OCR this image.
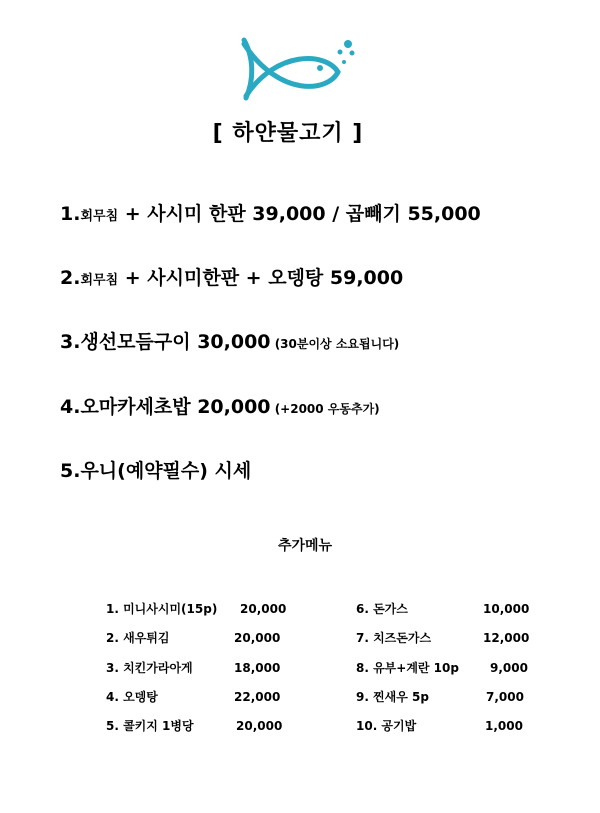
[ 하얀물고기 ]
1.회무침 + 사시미 한판 39,000 / 곱빼기 55,000
2.회무침 + 사시미한판 + 오뎅탕 59,000
3.생선모듬구이 30,000 (30분이상 소요됩니다)
4.오마카세초밥 20,000 (+2000 우동추가)
5.우니(예약필수) 시세
추가메뉴
1. 미니사시미(15p) 20,000
2. 새우튀김	20,000
3. 치킨가라아게	18,000
4. 오뎅탕	22,000
5. 콜키지 1병당	20,000
6. 돈가스	10,000
7. 치즈돈가스	12,000
8. 유부+계란 10p	9,000
9. 찐새우 5p	7,000
10. 공기밥	1,000
